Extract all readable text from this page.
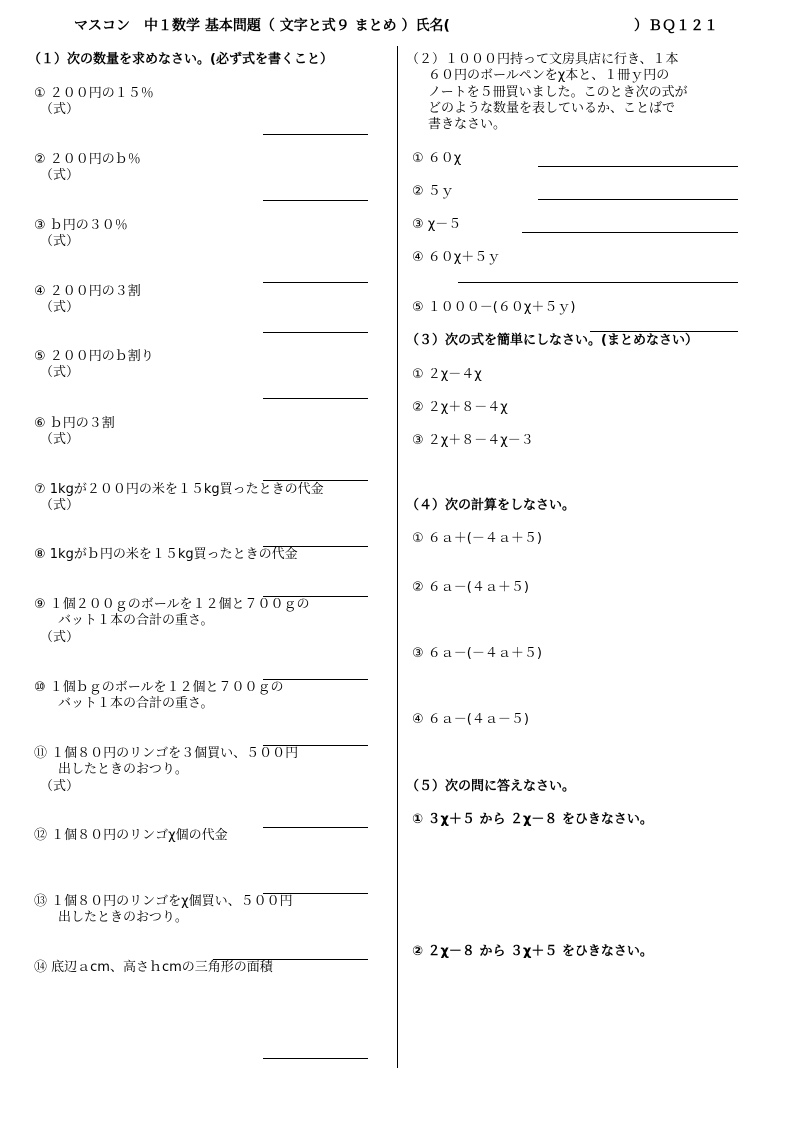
マスコン　中１数学 基本問題（ 文字と式９ まとめ ）氏名(	）ＢＱ１２１
（１）次の数量を求めなさい。(必ず式を書くこと）
① ２００円の１５％
（式）
② ２００円のｂ％
（式）
③ ｂ円の３０％
（式）
④ ２００円の３割
（式）
⑤ ２００円のｂ割り
（式）
⑥ ｂ円の３割
（式）
⑦ 1kgが２００円の米を１５kg買ったときの代金
（式）
⑧ 1kgがｂ円の米を１５kg買ったときの代金
⑨ １個２００ｇのボールを１２個と７００ｇの
バット１本の合計の重さ。
（式）
⑩ １個ｂｇのボールを１２個と７００ｇの
バット１本の合計の重さ。
⑪ １個８０円のリンゴを３個買い、５００円
出したときのおつり。
（式）
⑫ １個８０円のリンゴχ個の代金
⑬ １個８０円のリンゴをχ個買い、５００円
出したときのおつり。
⑭ 底辺ａcm、高さｈcmの三角形の面積
（２）１０００円持って文房具店に行き、１本
６０円のボールペンをχ本と、１冊ｙ円の
ノートを５冊買いました。このとき次の式が
どのような数量を表しているか、ことばで
書きなさい。
① ６０χ
② ５ｙ
③ χ－５
④ ６０χ＋５ｙ
⑤ １０００－(６０χ＋５ｙ)
（３）次の式を簡単にしなさい。(まとめなさい）
① ２χ－４χ
② ２χ＋８－４χ
③ ２χ＋８－４χ－３
（４）次の計算をしなさい。
① ６ａ＋(－４ａ＋５)
② ６ａ－(４ａ＋５)
③ ６ａ－(－４ａ＋５)
④ ６ａ－(４ａ－５)
（５）次の問に答えなさい。
① ３χ＋５ から ２χ－８ をひきなさい。
② ２χ－８ から ３χ＋５ をひきなさい。
